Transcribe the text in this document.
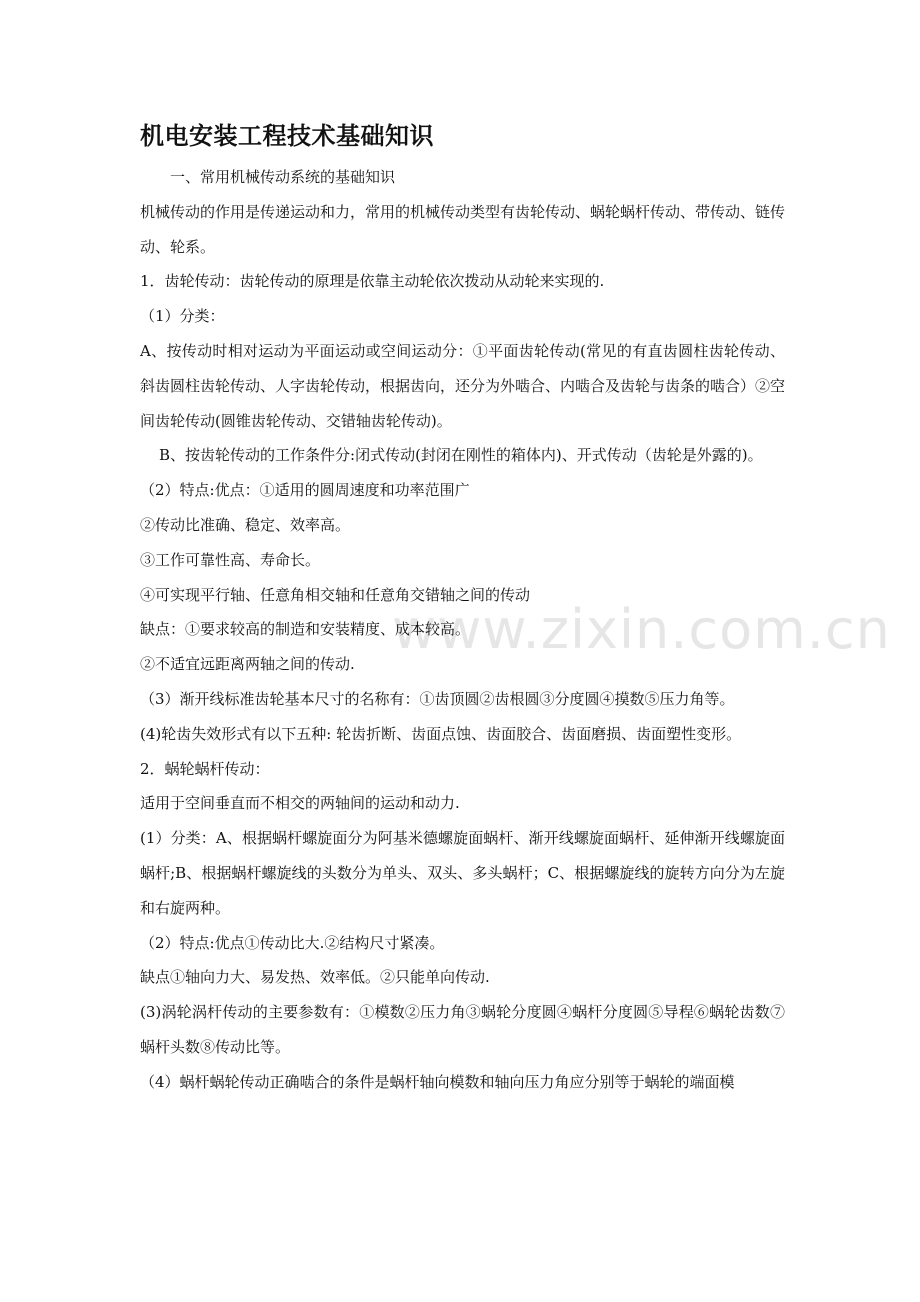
www.zixin.com.cn
机电安装工程技术基础知识

一、常用机械传动系统的基础知识

机械传动的作用是传递运动和力，常用的机械传动类型有齿轮传动、蜗轮蜗杆传动、带传动、链传动、轮系。

1．齿轮传动：齿轮传动的原理是依靠主动轮依次拨动从动轮来实现的.

（1）分类：

A、按传动时相对运动为平面运动或空间运动分：①平面齿轮传动(常见的有直齿圆柱齿轮传动、斜齿圆柱齿轮传动、人字齿轮传动，根据齿向，还分为外啮合、内啮合及齿轮与齿条的啮合）②空间齿轮传动(圆锥齿轮传动、交错轴齿轮传动)。

B、按齿轮传动的工作条件分:闭式传动(封闭在刚性的箱体内)、开式传动（齿轮是外露的)。

（2）特点:优点：①适用的圆周速度和功率范围广

②传动比准确、稳定、效率高。

③工作可靠性高、寿命长。

④可实现平行轴、任意角相交轴和任意角交错轴之间的传动

缺点：①要求较高的制造和安装精度、成本较高。

②不适宜远距离两轴之间的传动.

（3）渐开线标准齿轮基本尺寸的名称有：①齿顶圆②齿根圆③分度圆④摸数⑤压力角等。

(4)轮齿失效形式有以下五种: 轮齿折断、齿面点蚀、齿面胶合、齿面磨损、齿面塑性变形。

2．蜗轮蜗杆传动：

适用于空间垂直而不相交的两轴间的运动和动力.

(1）分类：A、根据蜗杆螺旋面分为阿基米德螺旋面蜗杆、渐开线螺旋面蜗杆、延伸渐开线螺旋面蜗杆;B、根据蜗杆螺旋线的头数分为单头、双头、多头蜗杆；C、根据螺旋线的旋转方向分为左旋和右旋两种。

（2）特点:优点①传动比大.②结构尺寸紧凑。

缺点①轴向力大、易发热、效率低。②只能单向传动.

(3)涡轮涡杆传动的主要参数有：①模数②压力角③蜗轮分度圆④蜗杆分度圆⑤导程⑥蜗轮齿数⑦蜗杆头数⑧传动比等。

（4）蜗杆蜗轮传动正确啮合的条件是蜗杆轴向模数和轴向压力角应分别等于蜗轮的端面模
